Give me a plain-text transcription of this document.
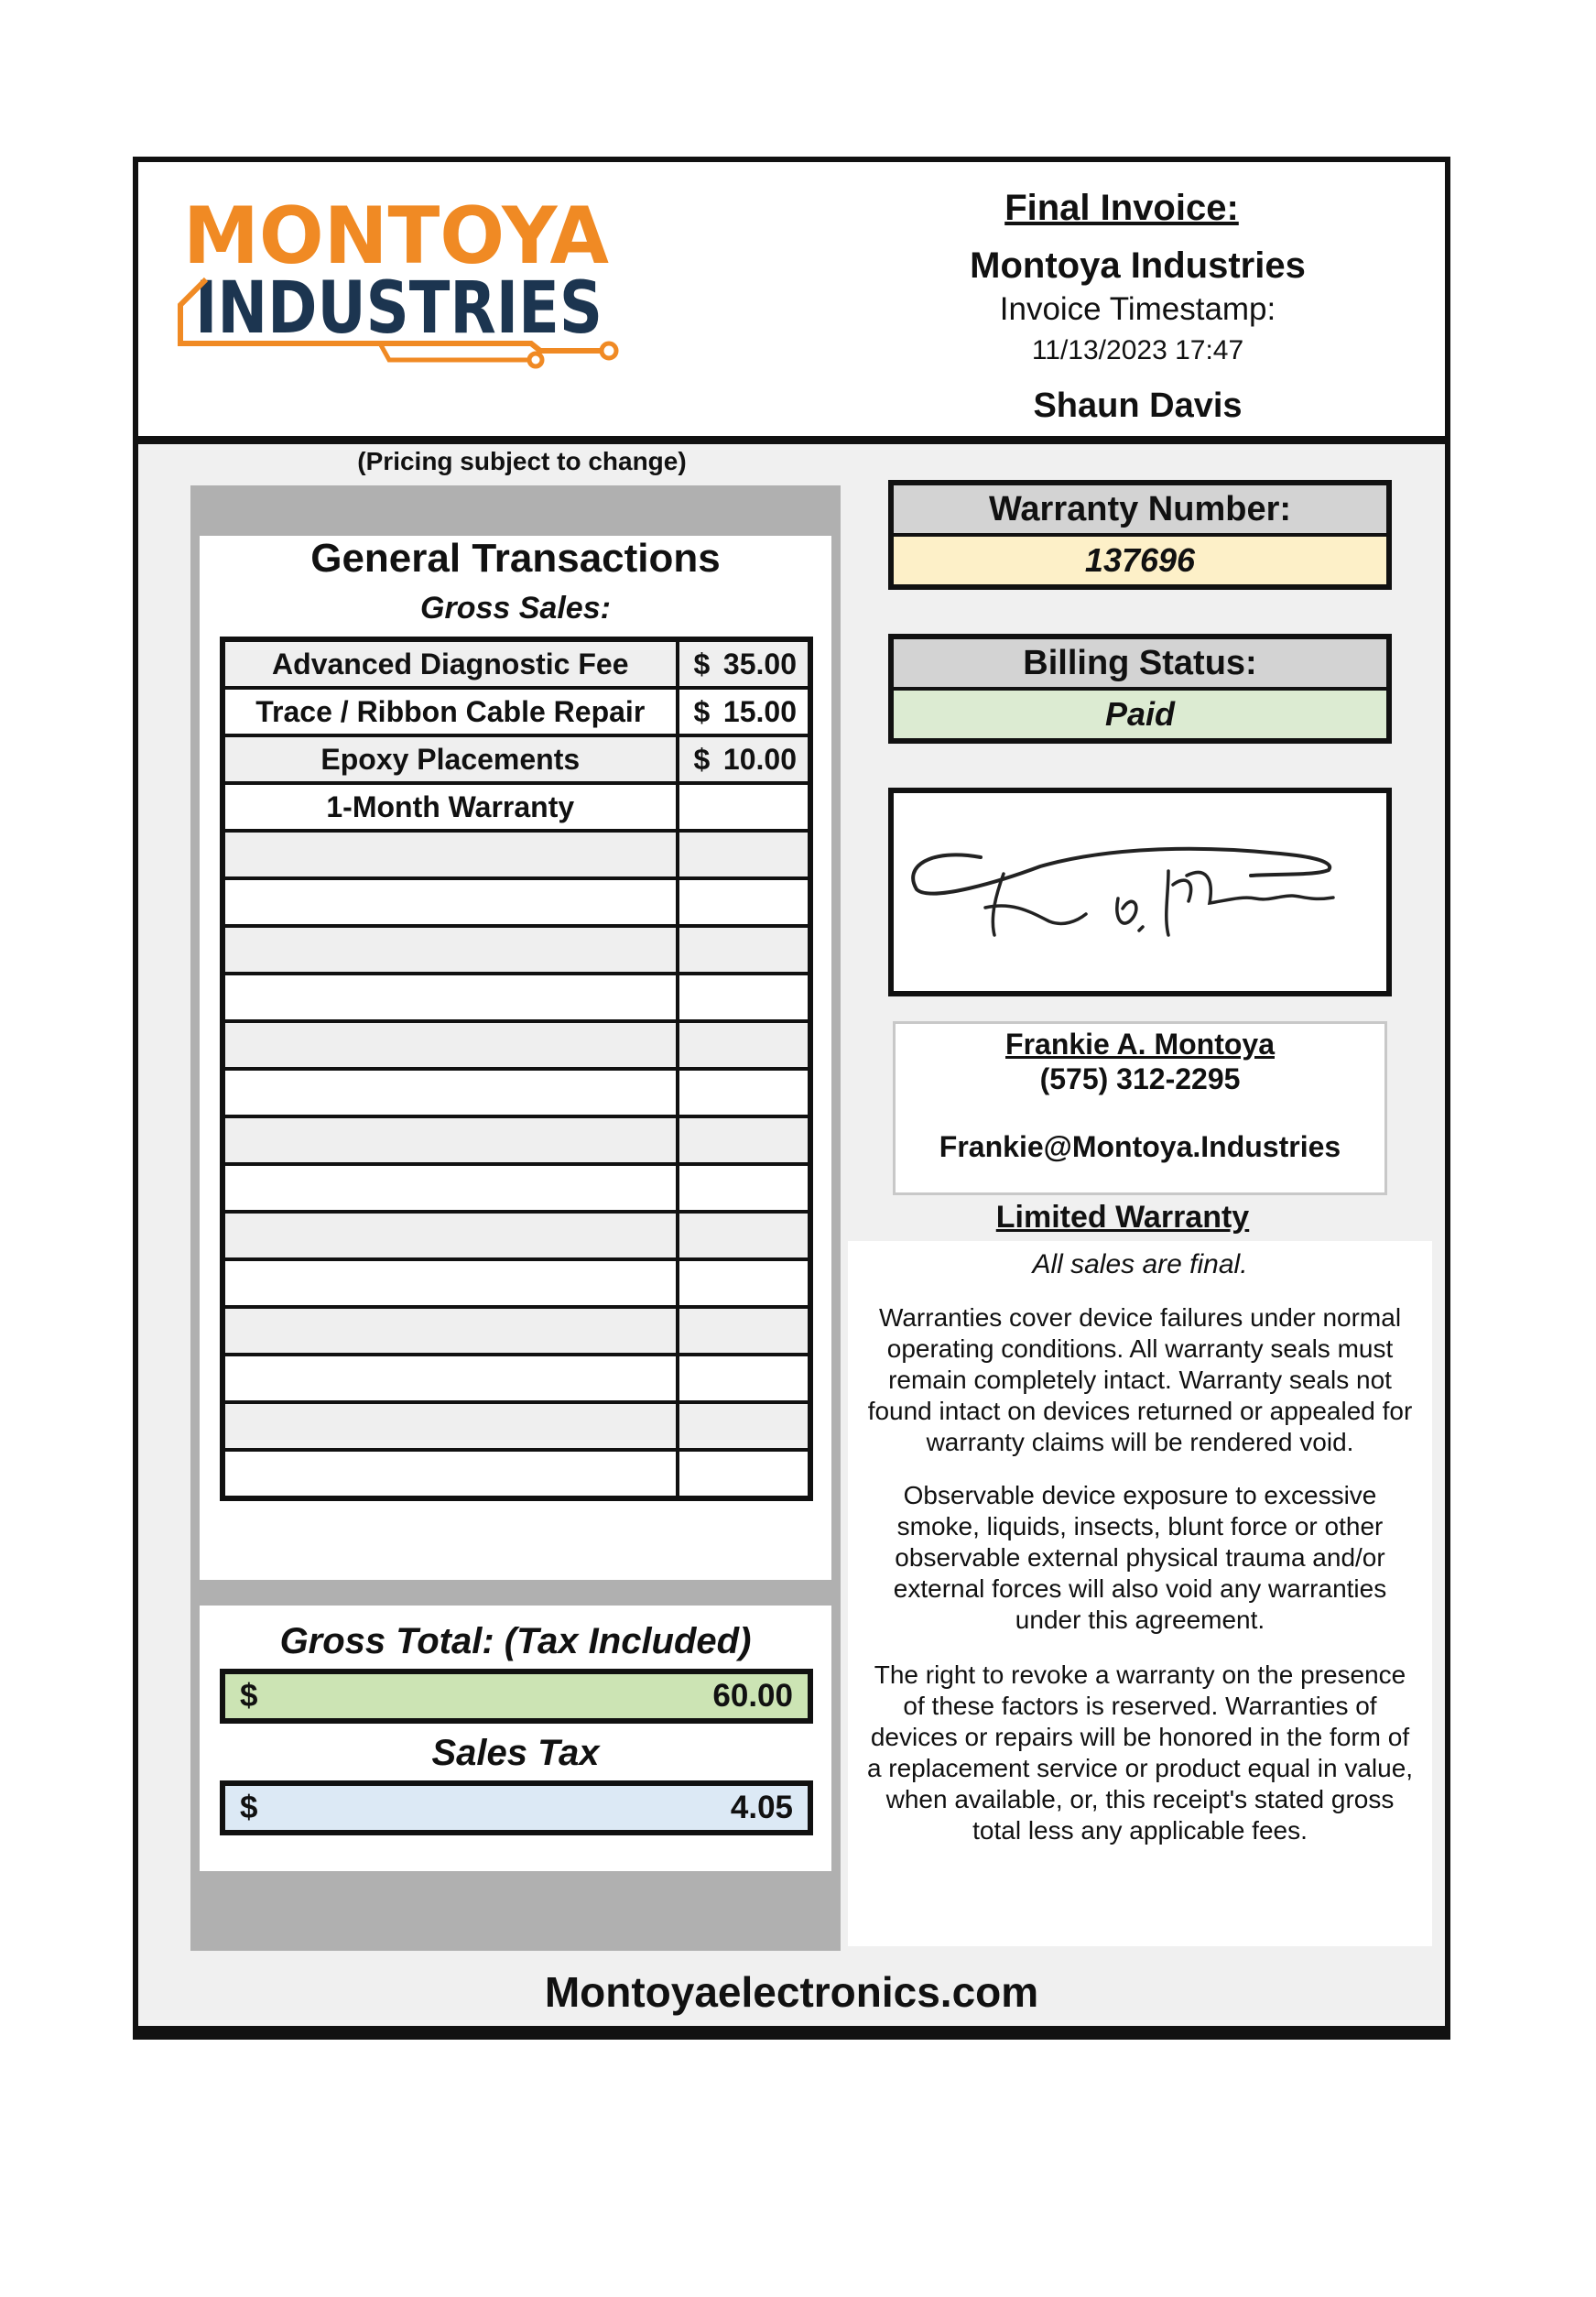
MONTOYA
INDUSTRIES
Final Invoice:
Montoya Industries
Invoice Timestamp:
11/13/2023 17:47
Shaun Davis
(Pricing subject to change)
General Transactions
Gross Sales:
Advanced Diagnostic Fee	$ 35.00

Trace / Ribbon Cable Repair	$ 15.00

Epoxy Placements	$ 10.00

1-Month Warranty	

Gross Total: (Tax Included)
$	60.00
Sales Tax
$	4.05
Warranty Number:
137696
Billing Status:
Paid
Frankie A. Montoya
(575) 312-2295
Frankie@Montoya.Industries
Limited Warranty
All sales are final.
Warranties cover device failures under normal operating conditions. All warranty seals must remain completely intact. Warranty seals not found intact on devices returned or appealed for warranty claims will be rendered void.
Observable device exposure to excessive smoke, liquids, insects, blunt force or other observable external physical trauma and/or external forces will also void any warranties under this agreement.
The right to revoke a warranty on the presence of these factors is reserved. Warranties of devices or repairs will be honored in the form of a replacement service or product equal in value, when available, or, this receipt's stated gross total less any applicable fees.
Montoyaelectronics.com
